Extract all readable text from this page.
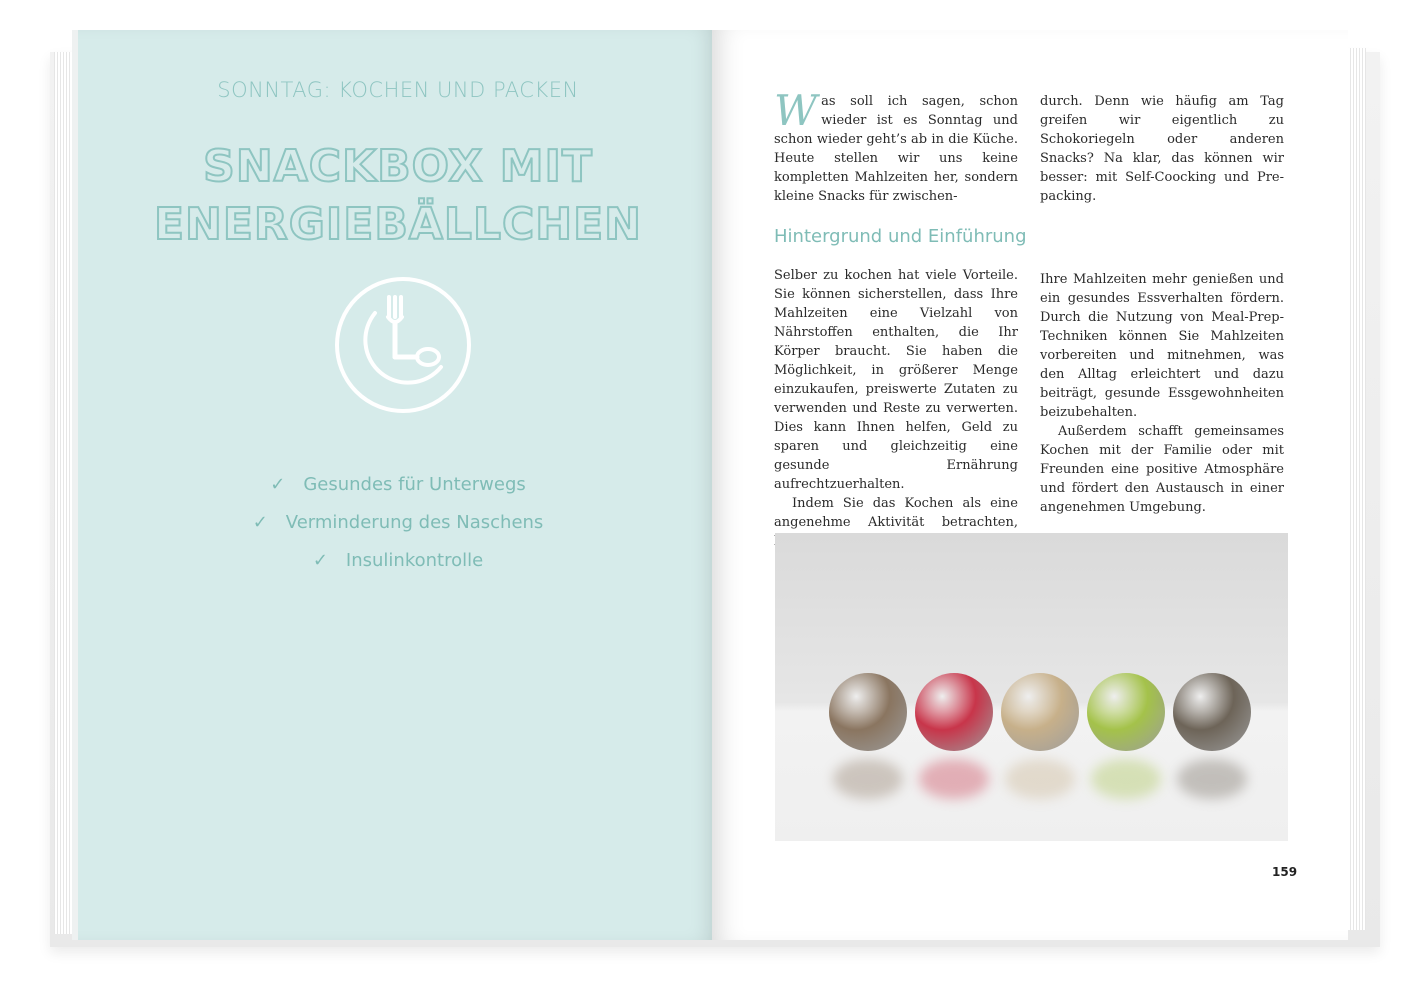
SONNTAG: KOCHEN UND PACKEN
SNACKBOX MIT
ENERGIEBÄLLCHEN
✓ Gesundes für Unterwegs
✓ Verminderung des Naschens
✓ Insulinkontrolle

Was soll ich sagen, schon wieder ist es Sonntag und schon wieder geht’s ab in die Küche. Heute stellen wir uns keine kompletten Mahlzeiten her, sondern kleine Snacks für zwischen-

durch. Denn wie häufig am Tag greifen wir eigentlich zu Schokoriegeln oder anderen Snacks? Na klar, das können wir besser: mit Self-Coocking und Pre-packing.

Hintergrund und Einführung

Selber zu kochen hat viele Vorteile. Sie können sicherstellen, dass Ihre Mahlzeiten eine Vielzahl von Nährstoffen enthalten, die Ihr Körper braucht. Sie haben die Möglichkeit, in größerer Menge einzukaufen, preiswerte Zutaten zu verwenden und Reste zu verwerten. Dies kann Ihnen helfen, Geld zu sparen und gleichzeitig eine gesunde Ernährung aufrechtzuerhalten.

Indem Sie das Kochen als eine angenehme Aktivität betrachten,

Ihre Mahlzeiten mehr genießen und ein gesundes Essverhalten fördern. Durch die Nutzung von Meal-Prep-Techniken können Sie Mahlzeiten vorbereiten und mitnehmen, was den Alltag erleichtert und dazu beiträgt, gesunde Essgewohnheiten beizubehalten.

Außerdem schafft gemeinsames Kochen mit der Familie oder mit Freunden eine positive Atmosphäre und fördert den Austausch in einer angenehmen Umgebung.

159
